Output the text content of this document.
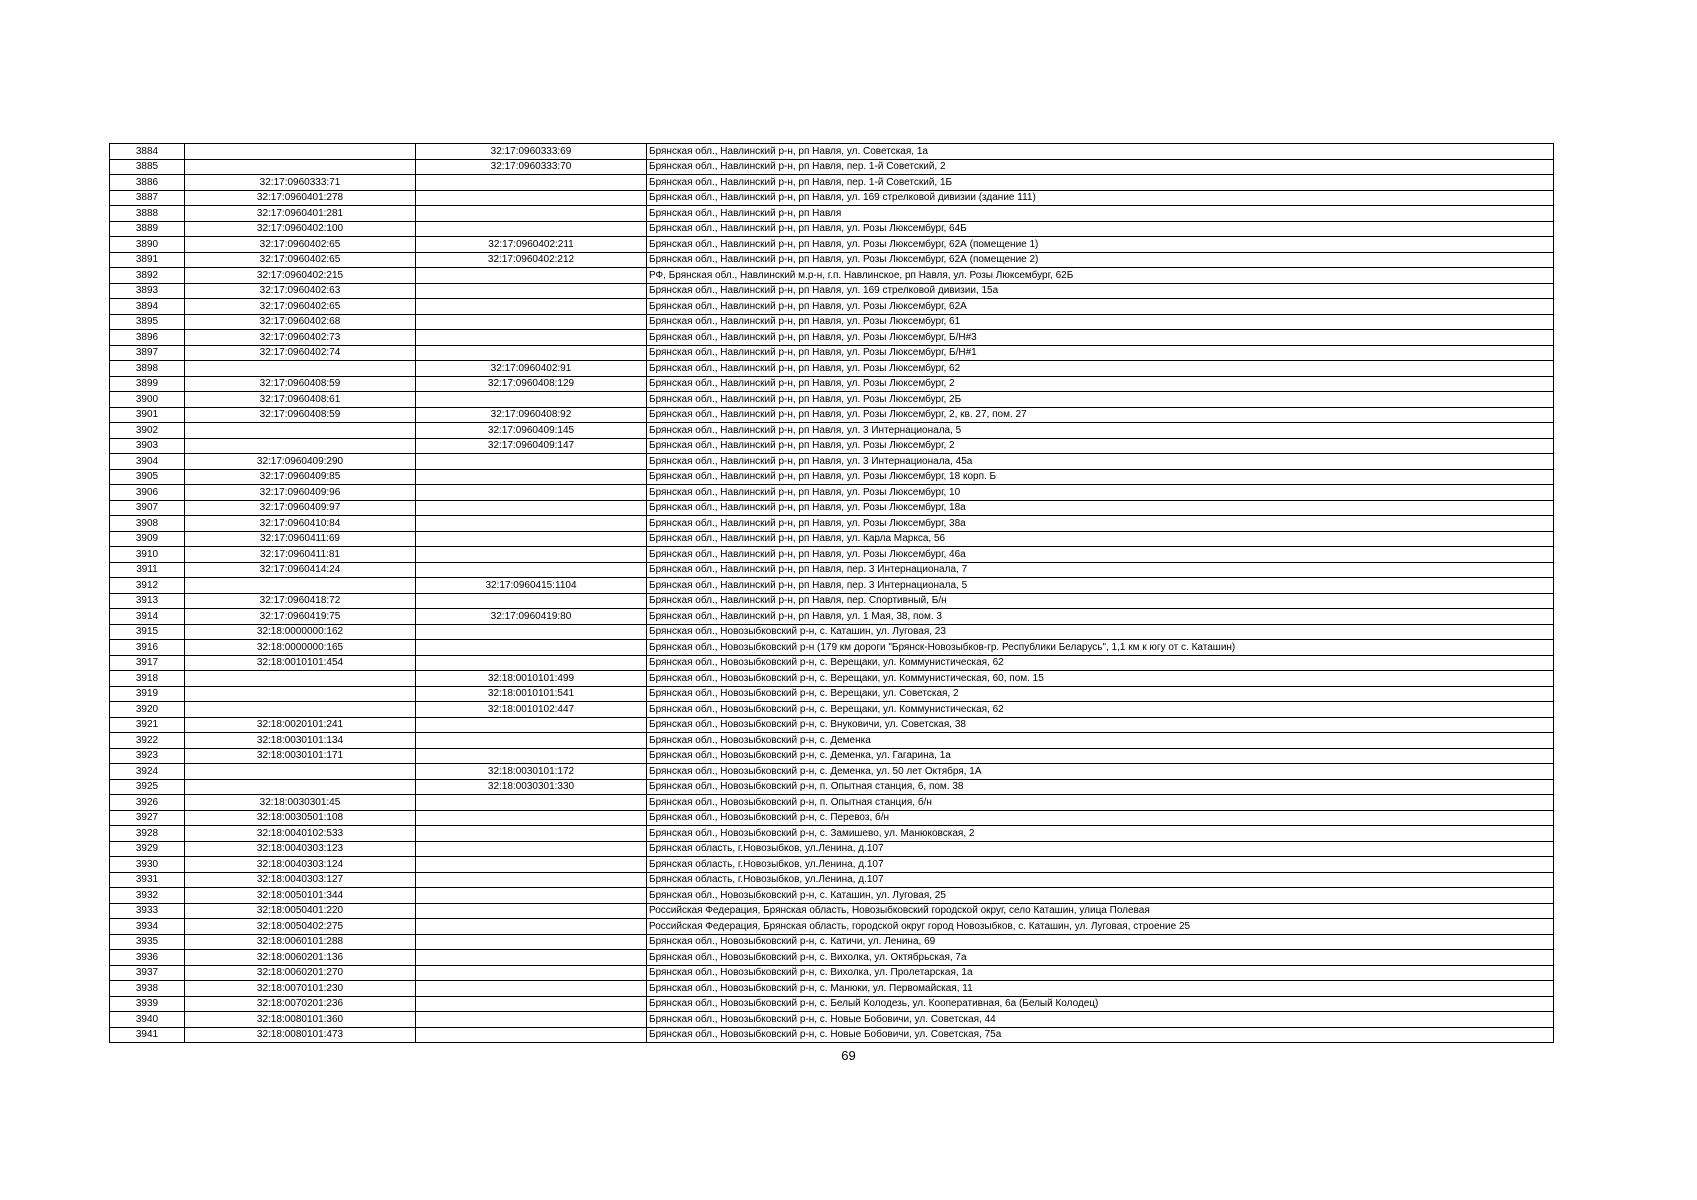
3884		32:17:0960333:69	Брянская обл., Навлинский р-н, рп Навля, ул. Советская, 1а
3885		32:17:0960333:70	Брянская обл., Навлинский р-н, рп Навля, пер. 1-й Советский, 2
3886	32:17:0960333:71		Брянская обл., Навлинский р-н, рп Навля, пер. 1-й Советский, 1Б
3887	32:17:0960401:278		Брянская обл., Навлинский р-н, рп Навля, ул. 169 стрелковой дивизии (здание 111)
3888	32:17:0960401:281		Брянская обл., Навлинский р-н, рп Навля
3889	32:17:0960402:100		Брянская обл., Навлинский р-н, рп Навля, ул. Розы Люксембург, 64Б
3890	32:17:0960402:65	32:17:0960402:211	Брянская обл., Навлинский р-н, рп Навля, ул. Розы Люксембург, 62А (помещение 1)
3891	32:17:0960402:65	32:17:0960402:212	Брянская обл., Навлинский р-н, рп Навля, ул. Розы Люксембург, 62А (помещение 2)
3892	32:17:0960402:215		РФ, Брянская обл., Навлинский м.р-н, г.п. Навлинское, рп Навля, ул. Розы Люксембург, 62Б
3893	32:17:0960402:63		Брянская обл., Навлинский р-н, рп Навля, ул. 169 стрелковой дивизии, 15а
3894	32:17:0960402:65		Брянская обл., Навлинский р-н, рп Навля, ул. Розы Люксембург, 62А
3895	32:17:0960402:68		Брянская обл., Навлинский р-н, рп Навля, ул. Розы Люксембург, 61
3896	32:17:0960402:73		Брянская обл., Навлинский р-н, рп Навля, ул. Розы Люксембург, Б/Н#3
3897	32:17:0960402:74		Брянская обл., Навлинский р-н, рп Навля, ул. Розы Люксембург, Б/Н#1
3898		32:17:0960402:91	Брянская обл., Навлинский р-н, рп Навля, ул. Розы Люксембург, 62
3899	32:17:0960408:59	32:17:0960408:129	Брянская обл., Навлинский р-н, рп Навля, ул. Розы Люксембург, 2
3900	32:17:0960408:61		Брянская обл., Навлинский р-н, рп Навля, ул. Розы Люксембург, 2Б
3901	32:17:0960408:59	32:17:0960408:92	Брянская обл., Навлинский р-н, рп Навля, ул. Розы Люксембург, 2, кв. 27, пом. 27
3902		32:17:0960409:145	Брянская обл., Навлинский р-н, рп Навля, ул. 3 Интернационала, 5
3903		32:17:0960409:147	Брянская обл., Навлинский р-н, рп Навля, ул. Розы Люксембург, 2
3904	32:17:0960409:290		Брянская обл., Навлинский р-н, рп Навля, ул. 3 Интернационала, 45а
3905	32:17:0960409:85		Брянская обл., Навлинский р-н, рп Навля, ул. Розы Люксембург, 18 корп. Б
3906	32:17:0960409:96		Брянская обл., Навлинский р-н, рп Навля, ул. Розы Люксембург, 10
3907	32:17:0960409:97		Брянская обл., Навлинский р-н, рп Навля, ул. Розы Люксембург, 18а
3908	32:17:0960410:84		Брянская обл., Навлинский р-н, рп Навля, ул. Розы Люксембург, 38а
3909	32:17:0960411:69		Брянская обл., Навлинский р-н, рп Навля, ул. Карла Маркса, 56
3910	32:17:0960411:81		Брянская обл., Навлинский р-н, рп Навля, ул. Розы Люксембург, 46а
3911	32:17:0960414:24		Брянская обл., Навлинский р-н, рп Навля, пер. 3 Интернационала, 7
3912		32:17:0960415:1104	Брянская обл., Навлинский р-н, рп Навля, пер. 3 Интернационала, 5
3913	32:17:0960418:72		Брянская обл., Навлинский р-н, рп Навля, пер. Спортивный, Б/н
3914	32:17:0960419:75	32:17:0960419:80	Брянская обл., Навлинский р-н, рп Навля, ул. 1 Мая, 38, пом. 3
3915	32:18:0000000:162		Брянская обл., Новозыбковский р-н, с. Каташин, ул. Луговая, 23
3916	32:18:0000000:165		Брянская обл., Новозыбковский р-н (179 км дороги "Брянск-Новозыбков-гр. Республики Беларусь", 1,1 км к югу от с. Каташин)
3917	32:18:0010101:454		Брянская обл., Новозыбковский р-н, с. Верещаки, ул. Коммунистическая, 62
3918		32:18:0010101:499	Брянская обл., Новозыбковский р-н, с. Верещаки, ул. Коммунистическая, 60, пом. 15
3919		32:18:0010101:541	Брянская обл., Новозыбковский р-н, с. Верещаки, ул. Советская, 2
3920		32:18:0010102:447	Брянская обл., Новозыбковский р-н, с. Верещаки, ул. Коммунистическая, 62
3921	32:18:0020101:241		Брянская обл., Новозыбковский р-н, с. Внуковичи, ул. Советская, 38
3922	32:18:0030101:134		Брянская обл., Новозыбковский р-н, с. Деменка
3923	32:18:0030101:171		Брянская обл., Новозыбковский р-н, с. Деменка, ул. Гагарина, 1а
3924		32:18:0030101:172	Брянская обл., Новозыбковский р-н, с. Деменка, ул. 50 лет Октября, 1А
3925		32:18:0030301:330	Брянская обл., Новозыбковский р-н, п. Опытная станция, 6, пом. 38
3926	32:18:0030301:45		Брянская обл., Новозыбковский р-н, п. Опытная станция, б/н
3927	32:18:0030501:108		Брянская обл., Новозыбковский р-н, с. Перевоз, б/н
3928	32:18:0040102:533		Брянская обл., Новозыбковский р-н, с. Замишево, ул. Манюковская, 2
3929	32:18:0040303:123		Брянская область, г.Новозыбков, ул.Ленина, д.107
3930	32:18:0040303:124		Брянская область, г.Новозыбков, ул.Ленина, д.107
3931	32:18:0040303:127		Брянская область, г.Новозыбков, ул.Ленина, д.107
3932	32:18:0050101:344		Брянская обл., Новозыбковский р-н, с. Каташин, ул. Луговая, 25
3933	32:18:0050401:220		Российская Федерация, Брянская область, Новозыбковский городской округ, село Каташин, улица Полевая
3934	32:18:0050402:275		Российская Федерация, Брянская область, городской округ город Новозыбков, с. Каташин, ул. Луговая, строение 25
3935	32:18:0060101:288		Брянская обл., Новозыбковский р-н, с. Катичи, ул. Ленина, 69
3936	32:18:0060201:136		Брянская обл., Новозыбковский р-н, с. Вихолка, ул. Октябрьская, 7а
3937	32:18:0060201:270		Брянская обл., Новозыбковский р-н, с. Вихолка, ул. Пролетарская, 1а
3938	32:18:0070101:230		Брянская обл., Новозыбковский р-н, с. Манюки, ул. Первомайская, 11
3939	32:18:0070201:236		Брянская обл., Новозыбковский р-н, с. Белый Колодезь, ул. Кооперативная, 6а (Белый Колодец)
3940	32:18:0080101:360		Брянская обл., Новозыбковский р-н, с. Новые Бобовичи, ул. Советская, 44
3941	32:18:0080101:473		Брянская обл., Новозыбковский р-н, с. Новые Бобовичи, ул. Советская, 75а
69
